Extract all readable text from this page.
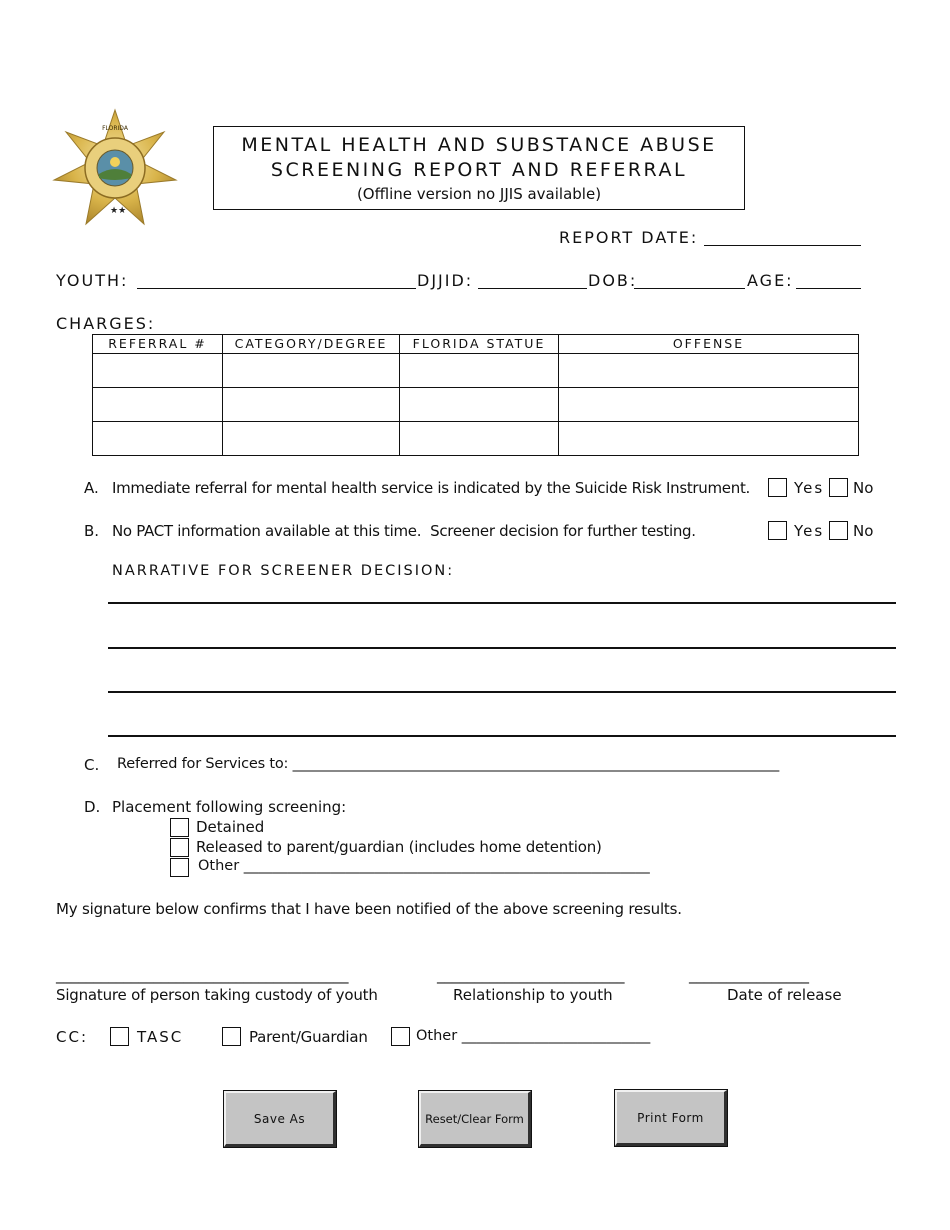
FLORIDA
★★
MENTAL HEALTH AND SUBSTANCE ABUSE
SCREENING REPORT AND REFERRAL
(Offline version no JJIS available)
REPORT DATE:
YOUTH:	DJJID:	DOB:	AGE:
CHARGES:
REFERRAL #	CATEGORY/DEGREE	FLORIDA STATUE	OFFENSE

A. Immediate referral for mental health service is indicated by the Suicide Risk Instrument.	Yes No
B. No PACT information available at this time.  Screener decision for further testing.	Yes No
NARRATIVE FOR SCREENER DECISION:
C. Referred for Services to: _____________________________________________________________________
D. Placement following screening:
Detained
Released to parent/guardian (includes home detention)
Other ________________________________________________________
My signature below confirms that I have been notified of the above screening results.
_______________________________________	_________________________	________________
Signature of person taking custody of youth	Relationship to youth	Date of release
CC:	TASC	Parent/Guardian	Other __________________________
Save As	Reset/Clear Form	Print Form
